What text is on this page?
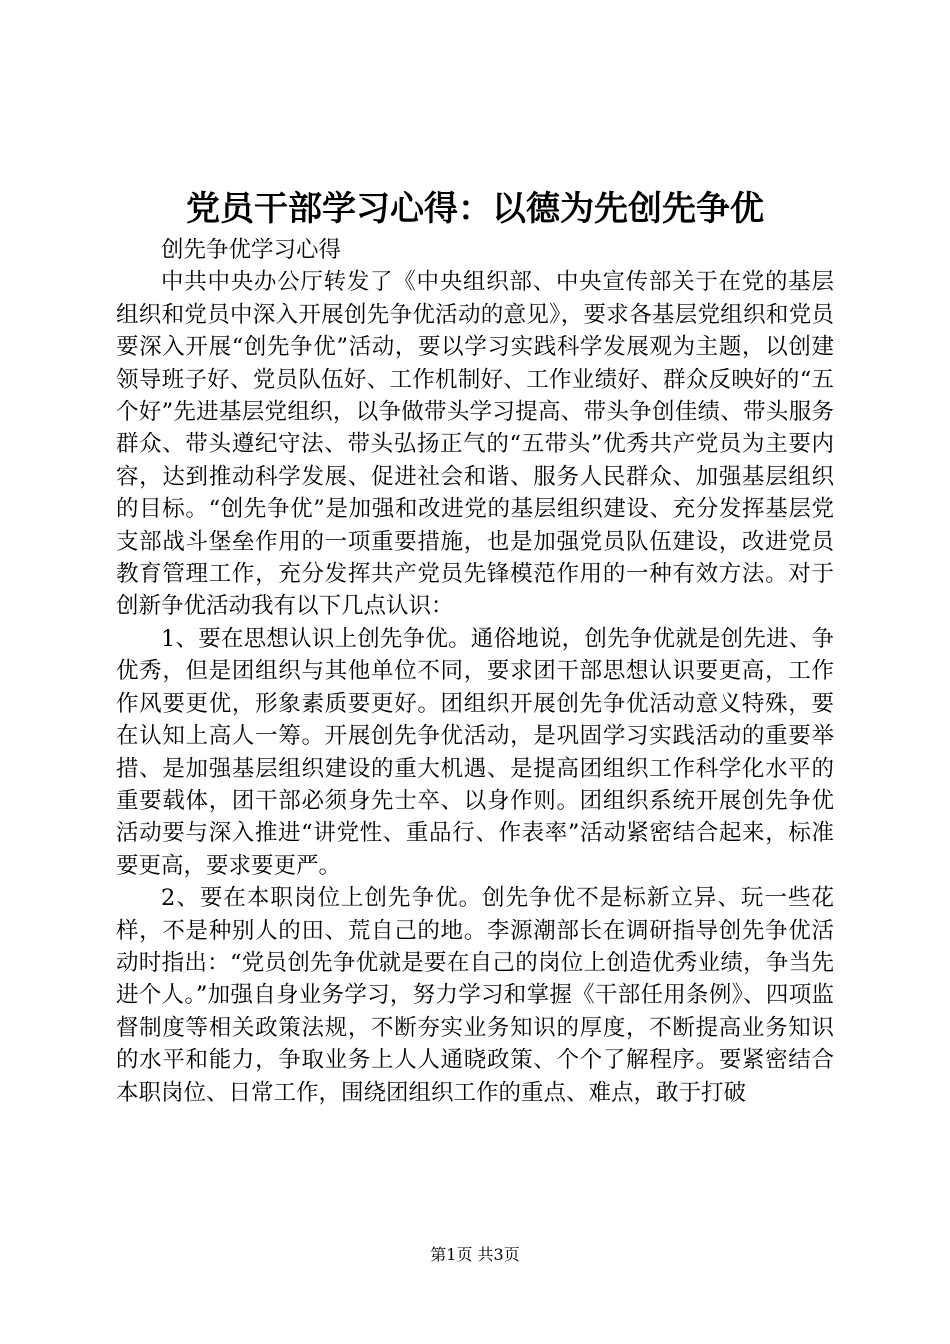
党员干部学习心得：以德为先创先争优

创先争优学习心得

中共中央办公厅转发了《中央组织部、中央宣传部关于在党的基层组织和党员中深入开展创先争优活动的意见》，要求各基层党组织和党员要深入开展“创先争优”活动，要以学习实践科学发展观为主题，以创建领导班子好、党员队伍好、工作机制好、工作业绩好、群众反映好的“五个好”先进基层党组织，以争做带头学习提高、带头争创佳绩、带头服务群众、带头遵纪守法、带头弘扬正气的“五带头”优秀共产党员为主要内容，达到推动科学发展、促进社会和谐、服务人民群众、加强基层组织的目标。“创先争优”是加强和改进党的基层组织建设、充分发挥基层党支部战斗堡垒作用的一项重要措施，也是加强党员队伍建设，改进党员教育管理工作，充分发挥共产党员先锋模范作用的一种有效方法。对于创新争优活动我有以下几点认识：

1、要在思想认识上创先争优。通俗地说，创先争优就是创先进、争优秀，但是团组织与其他单位不同，要求团干部思想认识要更高，工作作风要更优，形象素质要更好。团组织开展创先争优活动意义特殊，要在认知上高人一筹。开展创先争优活动，是巩固学习实践活动的重要举措、是加强基层组织建设的重大机遇、是提高团组织工作科学化水平的重要载体，团干部必须身先士卒、以身作则。团组织系统开展创先争优活动要与深入推进“讲党性、重品行、作表率”活动紧密结合起来，标准要更高，要求要更严。

2、要在本职岗位上创先争优。创先争优不是标新立异、玩一些花样，不是种别人的田、荒自己的地。李源潮部长在调研指导创先争优活动时指出：“党员创先争优就是要在自己的岗位上创造优秀业绩，争当先进个人。”加强自身业务学习，努力学习和掌握《干部任用条例》、四项监督制度等相关政策法规，不断夯实业务知识的厚度，不断提高业务知识的水平和能力，争取业务上人人通晓政策、个个了解程序。要紧密结合本职岗位、日常工作，围绕团组织工作的重点、难点，敢于打破

第1页 共3页
